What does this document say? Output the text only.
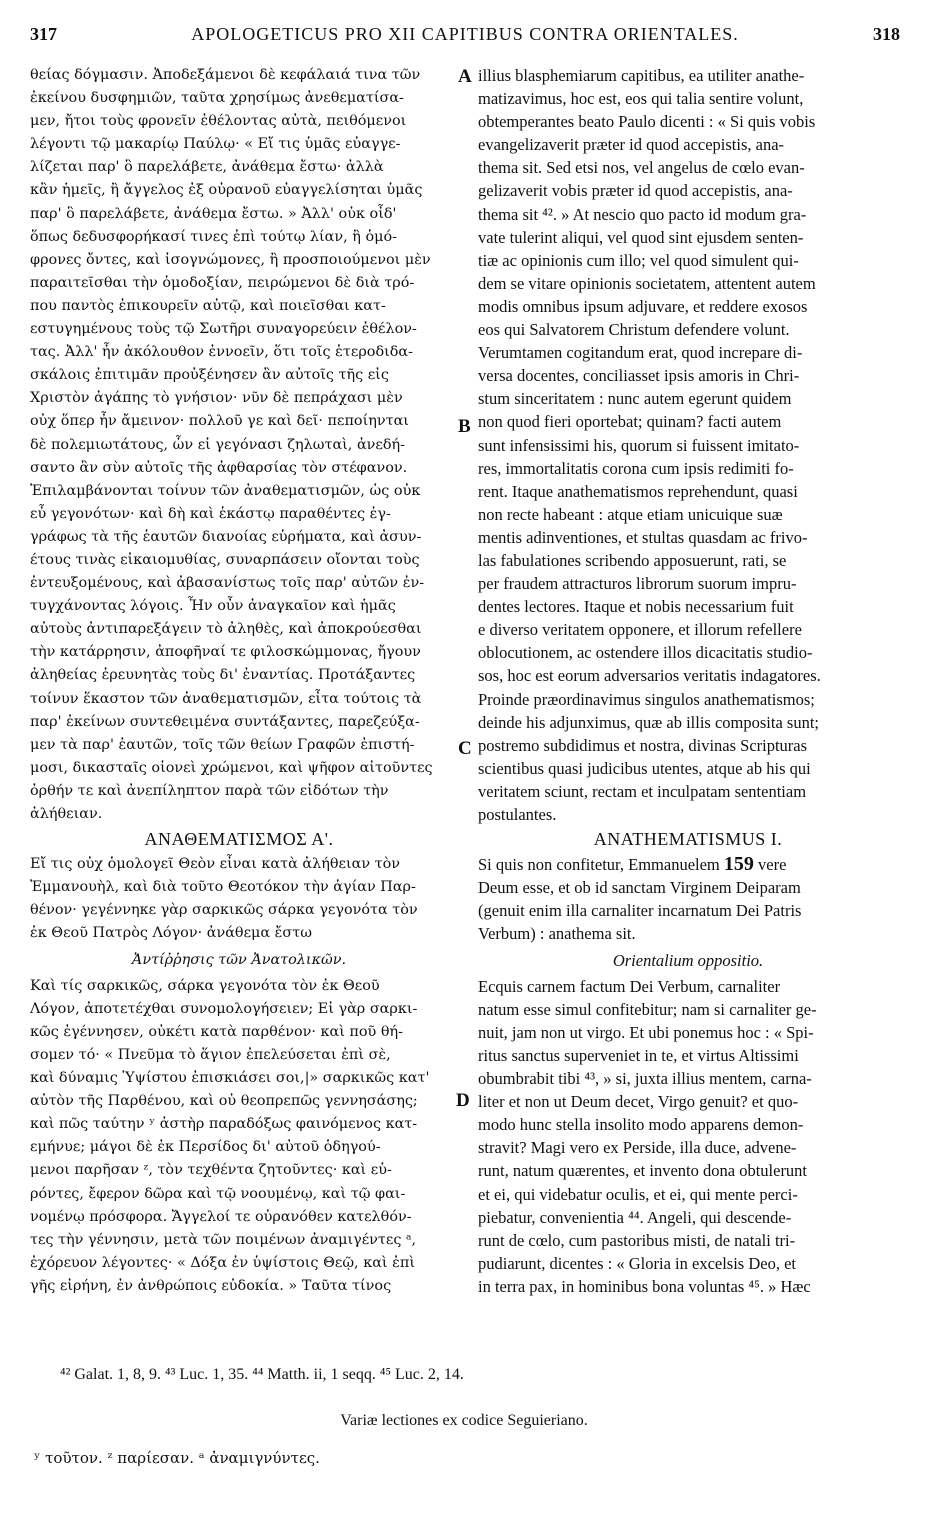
317	APOLOGETICUS PRO XII CAPITIBUS CONTRA ORIENTALES.	318
A
B
C
D
θείας δόγμασιν. Ἀποδεξάμενοι δὲ κεφάλαιά τινα τῶν
ἐκείνου δυσφημιῶν, ταῦτα χρησίμως ἀνεθεματίσα-
μεν, ἤτοι τοὺς φρονεῖν ἐθέλοντας αὐτὰ, πειθόμενοι
λέγοντι τῷ μακαρίῳ Παύλῳ· « Εἴ τις ὑμᾶς εὐαγγε-
λίζεται παρ' ὃ παρελάβετε, ἀνάθεμα ἔστω· ἀλλὰ
κἂν ἡμεῖς, ἢ ἄγγελος ἐξ οὐρανοῦ εὐαγγελίσηται ὑμᾶς
παρ' ὃ παρελάβετε, ἀνάθεμα ἔστω. » Ἀλλ' οὐκ οἶδ'
ὅπως δεδυσφορήκασί τινες ἐπὶ τούτῳ λίαν, ἢ ὁμό-
φρονες ὄντες, καὶ ἰσογνώμονες, ἢ προσποιούμενοι μὲν
παραιτεῖσθαι τὴν ὁμοδοξίαν, πειρώμενοι δὲ διὰ τρό-
που παντὸς ἐπικουρεῖν αὐτῷ, καὶ ποιεῖσθαι κατ-
εστυγημένους τοὺς τῷ Σωτῆρι συναγορεύειν ἐθέλον-
τας. Ἀλλ' ἦν ἀκόλουθον ἐννοεῖν, ὅτι τοῖς ἑτεροδιδα-
σκάλοις ἐπιτιμᾶν προὐξένησεν ἂν αὐτοῖς τῆς εἰς
Χριστὸν ἀγάπης τὸ γνήσιον· νῦν δὲ πεπράχασι μὲν
οὐχ ὅπερ ἦν ἄμεινον· πολλοῦ γε καὶ δεῖ· πεποίηνται
δὲ πολεμιωτάτους, ὧν εἰ γεγόνασι ζηλωταὶ, ἀνεδή-
σαντο ἂν σὺν αὐτοῖς τῆς ἀφθαρσίας τὸν στέφανον.
Ἐπιλαμβάνονται τοίνυν τῶν ἀναθεματισμῶν, ὡς οὐκ
εὖ γεγονότων· καὶ δὴ καὶ ἑκάστῳ παραθέντες ἐγ-
γράφως τὰ τῆς ἑαυτῶν διανοίας εὑρήματα, καὶ ἀσυν-
έτους τινὰς εἰκαιομυθίας, συναρπάσειν οἴονται τοὺς
ἐντευξομένους, καὶ ἀβασανίστως τοῖς παρ' αὐτῶν ἐν-
τυγχάνοντας λόγοις. Ἦν οὖν ἀναγκαῖον καὶ ἡμᾶς
αὐτοὺς ἀντιπαρεξάγειν τὸ ἀληθὲς, καὶ ἀποκρούεσθαι
τὴν κατάρρησιν, ἀποφῆναί τε φιλοσκώμμονας, ἤγουν
ἀληθείας ἐρευνητὰς τοὺς δι' ἐναντίας. Προτάξαντες
τοίνυν ἕκαστον τῶν ἀναθεματισμῶν, εἶτα τούτοις τὰ
παρ' ἐκείνων συντεθειμένα συντάξαντες, παρεζεύξα-
μεν τὰ παρ' ἑαυτῶν, τοῖς τῶν θείων Γραφῶν ἐπιστή-
μοσι, δικασταῖς οἱονεὶ χρώμενοι, καὶ ψῆφον αἰτοῦντες
ὀρθήν τε καὶ ἀνεπίληπτον παρὰ τῶν εἰδότων τὴν
ἀλήθειαν.
ΑΝΑΘΕΜΑΤΙΣΜΟΣ Α'.
Εἴ τις οὐχ ὁμολογεῖ Θεὸν εἶναι κατὰ ἀλήθειαν τὸν
Ἐμμανουὴλ, καὶ διὰ τοῦτο Θεοτόκον τὴν ἁγίαν Παρ-
θένον· γεγέννηκε γὰρ σαρκικῶς σάρκα γεγονότα τὸν
ἐκ Θεοῦ Πατρὸς Λόγον· ἀνάθεμα ἔστω
Ἀντίῤῥησις τῶν Ἀνατολικῶν.
Καὶ τίς σαρκικῶς, σάρκα γεγονότα τὸν ἐκ Θεοῦ
Λόγον, ἀποτετέχθαι συνομολογήσειεν; Εἰ γὰρ σαρκι-
κῶς ἐγέννησεν, οὐκέτι κατὰ παρθένον· καὶ ποῦ θή-
σομεν τό· « Πνεῦμα τὸ ἅγιον ἐπελεύσεται ἐπὶ σὲ,
καὶ δύναμις Ὑψίστου ἐπισκιάσει σοι,|» σαρκικῶς κατ'
αὐτὸν τῆς Παρθένου, καὶ οὐ θεοπρεπῶς γεννησάσης;
καὶ πῶς ταύτην ʸ ἀστὴρ παραδόξως φαινόμενος κατ-
εμήνυε; μάγοι δὲ ἐκ Περσίδος δι' αὐτοῦ ὁδηγού-
μενοι παρῆσαν ᶻ, τὸν τεχθέντα ζητοῦντες· καὶ εὑ-
ρόντες, ἔφερον δῶρα καὶ τῷ νοουμένῳ, καὶ τῷ φαι-
νομένῳ πρόσφορα. Ἄγγελοί τε οὐρανόθεν κατελθόν-
τες τὴν γέννησιν, μετὰ τῶν ποιμένων ἀναμιγέντες ᵃ,
ἐχόρευον λέγοντες· « Δόξα ἐν ὑψίστοις Θεῷ, καὶ ἐπὶ
γῆς εἰρήνη, ἐν ἀνθρώποις εὐδοκία. » Ταῦτα τίνος
illius blasphemiarum capitibus, ea utiliter anathe-
matizavimus, hoc est, eos qui talia sentire volunt,
obtemperantes beato Paulo dicenti : « Si quis vobis
evangelizaverit præter id quod accepistis, ana-
thema sit. Sed etsi nos, vel angelus de cœlo evan-
gelizaverit vobis præter id quod accepistis, ana-
thema sit ⁴². » At nescio quo pacto id modum gra-
vate tulerint aliqui, vel quod sint ejusdem senten-
tiæ ac opinionis cum illo; vel quod simulent qui-
dem se vitare opinionis societatem, attentent autem
modis omnibus ipsum adjuvare, et reddere exosos
eos qui Salvatorem Christum defendere volunt.
Verumtamen cogitandum erat, quod increpare di-
versa docentes, conciliasset ipsis amoris in Chri-
stum sinceritatem : nunc autem egerunt quidem
non quod fieri oportebat; quinam? facti autem
sunt infensissimi his, quorum si fuissent imitato-
res, immortalitatis corona cum ipsis redimiti fo-
rent. Itaque anathematismos reprehendunt, quasi
non recte habeant : atque etiam unicuique suæ
mentis adinventiones, et stultas quasdam ac frivo-
las fabulationes scribendo apposuerunt, rati, se
per fraudem attracturos librorum suorum impru-
dentes lectores. Itaque et nobis necessarium fuit
e diverso veritatem opponere, et illorum refellere
oblocutionem, ac ostendere illos dicacitatis studio-
sos, hoc est eorum adversarios veritatis indagatores.
Proinde præordinavimus singulos anathematismos;
deinde his adjunximus, quæ ab illis composita sunt;
postremo subdidimus et nostra, divinas Scripturas
scientibus quasi judicibus utentes, atque ab his qui
veritatem sciunt, rectam et inculpatam sententiam
postulantes.
ANATHEMATISMUS I.
Si quis non confitetur, Emmanuelem 159 vere
Deum esse, et ob id sanctam Virginem Deiparam
(genuit enim illa carnaliter incarnatum Dei Patris
Verbum) : anathema sit.
Orientalium oppositio.
Ecquis carnem factum Dei Verbum, carnaliter
natum esse simul confitebitur; nam si carnaliter ge-
nuit, jam non ut virgo. Et ubi ponemus hoc : « Spi-
ritus sanctus superveniet in te, et virtus Altissimi
obumbrabit tibi ⁴³, » si, juxta illius mentem, carna-
liter et non ut Deum decet, Virgo genuit? et quo-
modo hunc stella insolito modo apparens demon-
stravit? Magi vero ex Perside, illa duce, advene-
runt, natum quærentes, et invento dona obtulerunt
et ei, qui videbatur oculis, et ei, qui mente perci-
piebatur, convenientia ⁴⁴. Angeli, qui descende-
runt de cœlo, cum pastoribus misti, de natali tri-
pudiarunt, dicentes : « Gloria in excelsis Deo, et
in terra pax, in hominibus bona voluntas ⁴⁵. » Hæc
⁴² Galat. 1, 8, 9. ⁴³ Luc. 1, 35. ⁴⁴ Matth. ii, 1 seqq. ⁴⁵ Luc. 2, 14.
Variæ lectiones ex codice Seguieriano.
ʸ τοῦτον. ᶻ παρίεσαν. ᵃ ἀναμιγνύντες.
